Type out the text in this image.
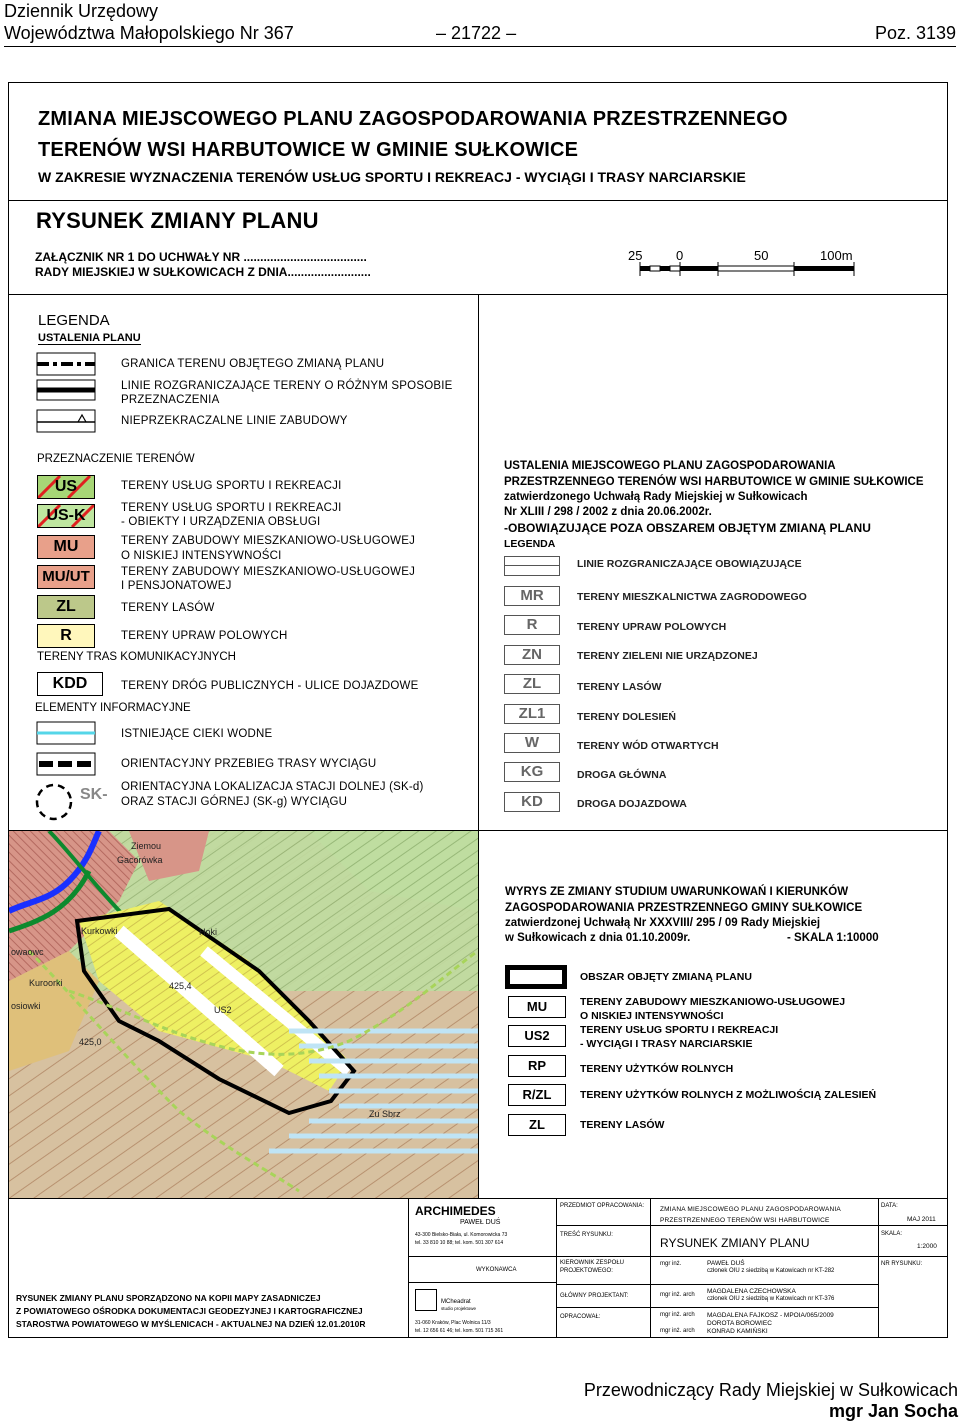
Dziennik Urzędowy
Województwa Małopolskiego Nr 367	– 21722 –	Poz. 3139
ZMIANA MIEJSCOWEGO PLANU ZAGOSPODAROWANIA PRZESTRZENNEGO
TERENÓW WSI HARBUTOWICE W GMINIE SUŁKOWICE
W ZAKRESIE WYZNACZENIA TERENÓW USŁUG SPORTU I REKREACJ - WYCIĄGI I TRASY NARCIARSKIE
RYSUNEK ZMIANY PLANU
ZAŁĄCZNIK NR 1 DO UCHWAŁY NR .....................................
RADY MIEJSKIEJ W SUŁKOWICACH Z DNIA.........................
25	0	50	100m
LEGENDA
USTALENIA PLANU
GRANICA TERENU OBJĘTEGO ZMIANĄ PLANU
LINIE ROZGRANICZAJĄCE TERENY O RÓŻNYM SPOSOBIE
PRZEZNACZENIA
NIEPRZEKRACZALNE LINIE ZABUDOWY
PRZEZNACZENIE TERENÓW
US	TERENY USŁUG SPORTU I REKREACJI
US-K	TERENY USŁUG SPORTU I REKREACJI
- OBIEKTY I URZĄDZENIA OBSŁUGI
MU	TERENY ZABUDOWY MIESZKANIOWO-USŁUGOWEJ
O NISKIEJ INTENSYWNOŚCI
MU/UT	TERENY ZABUDOWY MIESZKANIOWO-USŁUGOWEJ
I PENSJONATOWEJ
ZL	TERENY LASÓW
R	TERENY UPRAW POLOWYCH
TERENY TRAS KOMUNIKACYJNYCH
KDD	TERENY DRÓG PUBLICZNYCH - ULICE DOJAZDOWE
ELEMENTY INFORMACYJNE
ISTNIEJĄCE CIEKI WODNE
ORIENTACYJNY PRZEBIEG TRASY WYCIĄGU
SK- ORIENTACYJNA LOKALIZACJA STACJI DOLNEJ (SK-d)
ORAZ STACJI GÓRNEJ (SK-g) WYCIĄGU
USTALENIA MIEJSCOWEGO PLANU ZAGOSPODAROWANIA
PRZESTRZENNEGO TERENÓW WSI HARBUTOWICE W GMINIE SUŁKOWICE
zatwierdzonego Uchwałą Rady Miejskiej w Sułkowicach
Nr XLIII / 298 / 2002 z dnia 20.06.2002r.
-OBOWIĄZUJĄCE POZA OBSZAREM OBJĘTYM ZMIANĄ PLANU
LEGENDA
LINIE ROZGRANICZAJĄCE OBOWIĄZUJĄCE
MR	TERENY MIESZKALNICTWA ZAGRODOWEGO
R	TERENY UPRAW POLOWYCH
ZN	TERENY ZIELENI NIE URZĄDZONEJ
ZL	TERENY LASÓW
ZL1	TERENY DOLESIEŃ
W	TERENY WÓD OTWARTYCH
KG	DROGA GŁÓWNA
KD	DROGA DOJAZDOWA
Ziemou
Gacorówka
Kurkowki	Hoki
Kuroorki
owaowc
osiowki
Zu Sbrz
US2
425,4
425,0
WYRYS ZE ZMIANY STUDIUM UWARUNKOWAŃ I KIERUNKÓW
ZAGOSPODAROWANIA PRZESTRZENNEGO GMINY SUŁKOWICE
zatwierdzonej Uchwałą Nr XXXVIII/ 295 / 09 Rady Miejskiej
w Sułkowicach z dnia 01.10.2009r.	- SKALA 1:10000
OBSZAR OBJĘTY ZMIANĄ PLANU
MU	TERENY ZABUDOWY MIESZKANIOWO-USŁUGOWEJ
O NISKIEJ INTENSYWNOŚCI
US2	TERENY USŁUG SPORTU I REKREACJI
- WYCIĄGI I TRASY NARCIARSKIE
RP	TERENY UŻYTKÓW ROLNYCH
R/ZL	TERENY UŻYTKÓW ROLNYCH Z MOŻLIWOŚCIĄ ZALESIEŃ
ZL	TERENY LASÓW
RYSUNEK ZMIANY PLANU SPORZĄDZONO NA KOPII MAPY ZASADNICZEJ
Z POWIATOWEGO OŚRODKA DOKUMENTACJI GEODEZYJNEJ I KARTOGRAFICZNEJ
STAROSTWA POWIATOWEGO W MYŚLENICACH - AKTUALNEJ NA DZIEŃ 12.01.2010R
ARCHIMEDES
PAWEŁ DUŚ
43-300 Bielsko-Biała, ul. Komorowicka 73
tel. 33 810 10 88; tel. kom. 501 307 614
WYKONAWCA
MCheadrat
studio projektowe
31-060 Kraków, Plac Wolnica 11/3
tel. 12 656 61 46; tel. kom. 501 715 361
PRZEDMIOT OPRACOWANIA:	ZMIANA MIEJSCOWEGO PLANU ZAGOSPODAROWANIA PRZESTRZENNEGO TERENÓW WSI HARBUTOWICE
TREŚĆ RYSUNKU:
RYSUNEK ZMIANY PLANU
KIEROWNIK ZESPOŁU PROJEKTOWEGO:
mgr inż.	PAWEŁ DUŚ
członek OIU z siedzibą w Katowicach nr KT-282
GŁÓWNY PROJEKTANT:	mgr inż. arch MAGDALENA CZECHOWSKA
członek OIU z siedzibą w Katowicach nr KT-376
OPRACOWAŁ:	mgr inż. arch MAGDALENA FAJKOSZ - MPOIA/065/2009
DOROTA BOROWIEC
mgr inż. arch KONRAD KAMIŃSKI
DATA:
MAJ 2011
SKALA:
1:2000
NR RYSUNKU:
Przewodniczący Rady Miejskiej w Sułkowicach
mgr Jan Socha
